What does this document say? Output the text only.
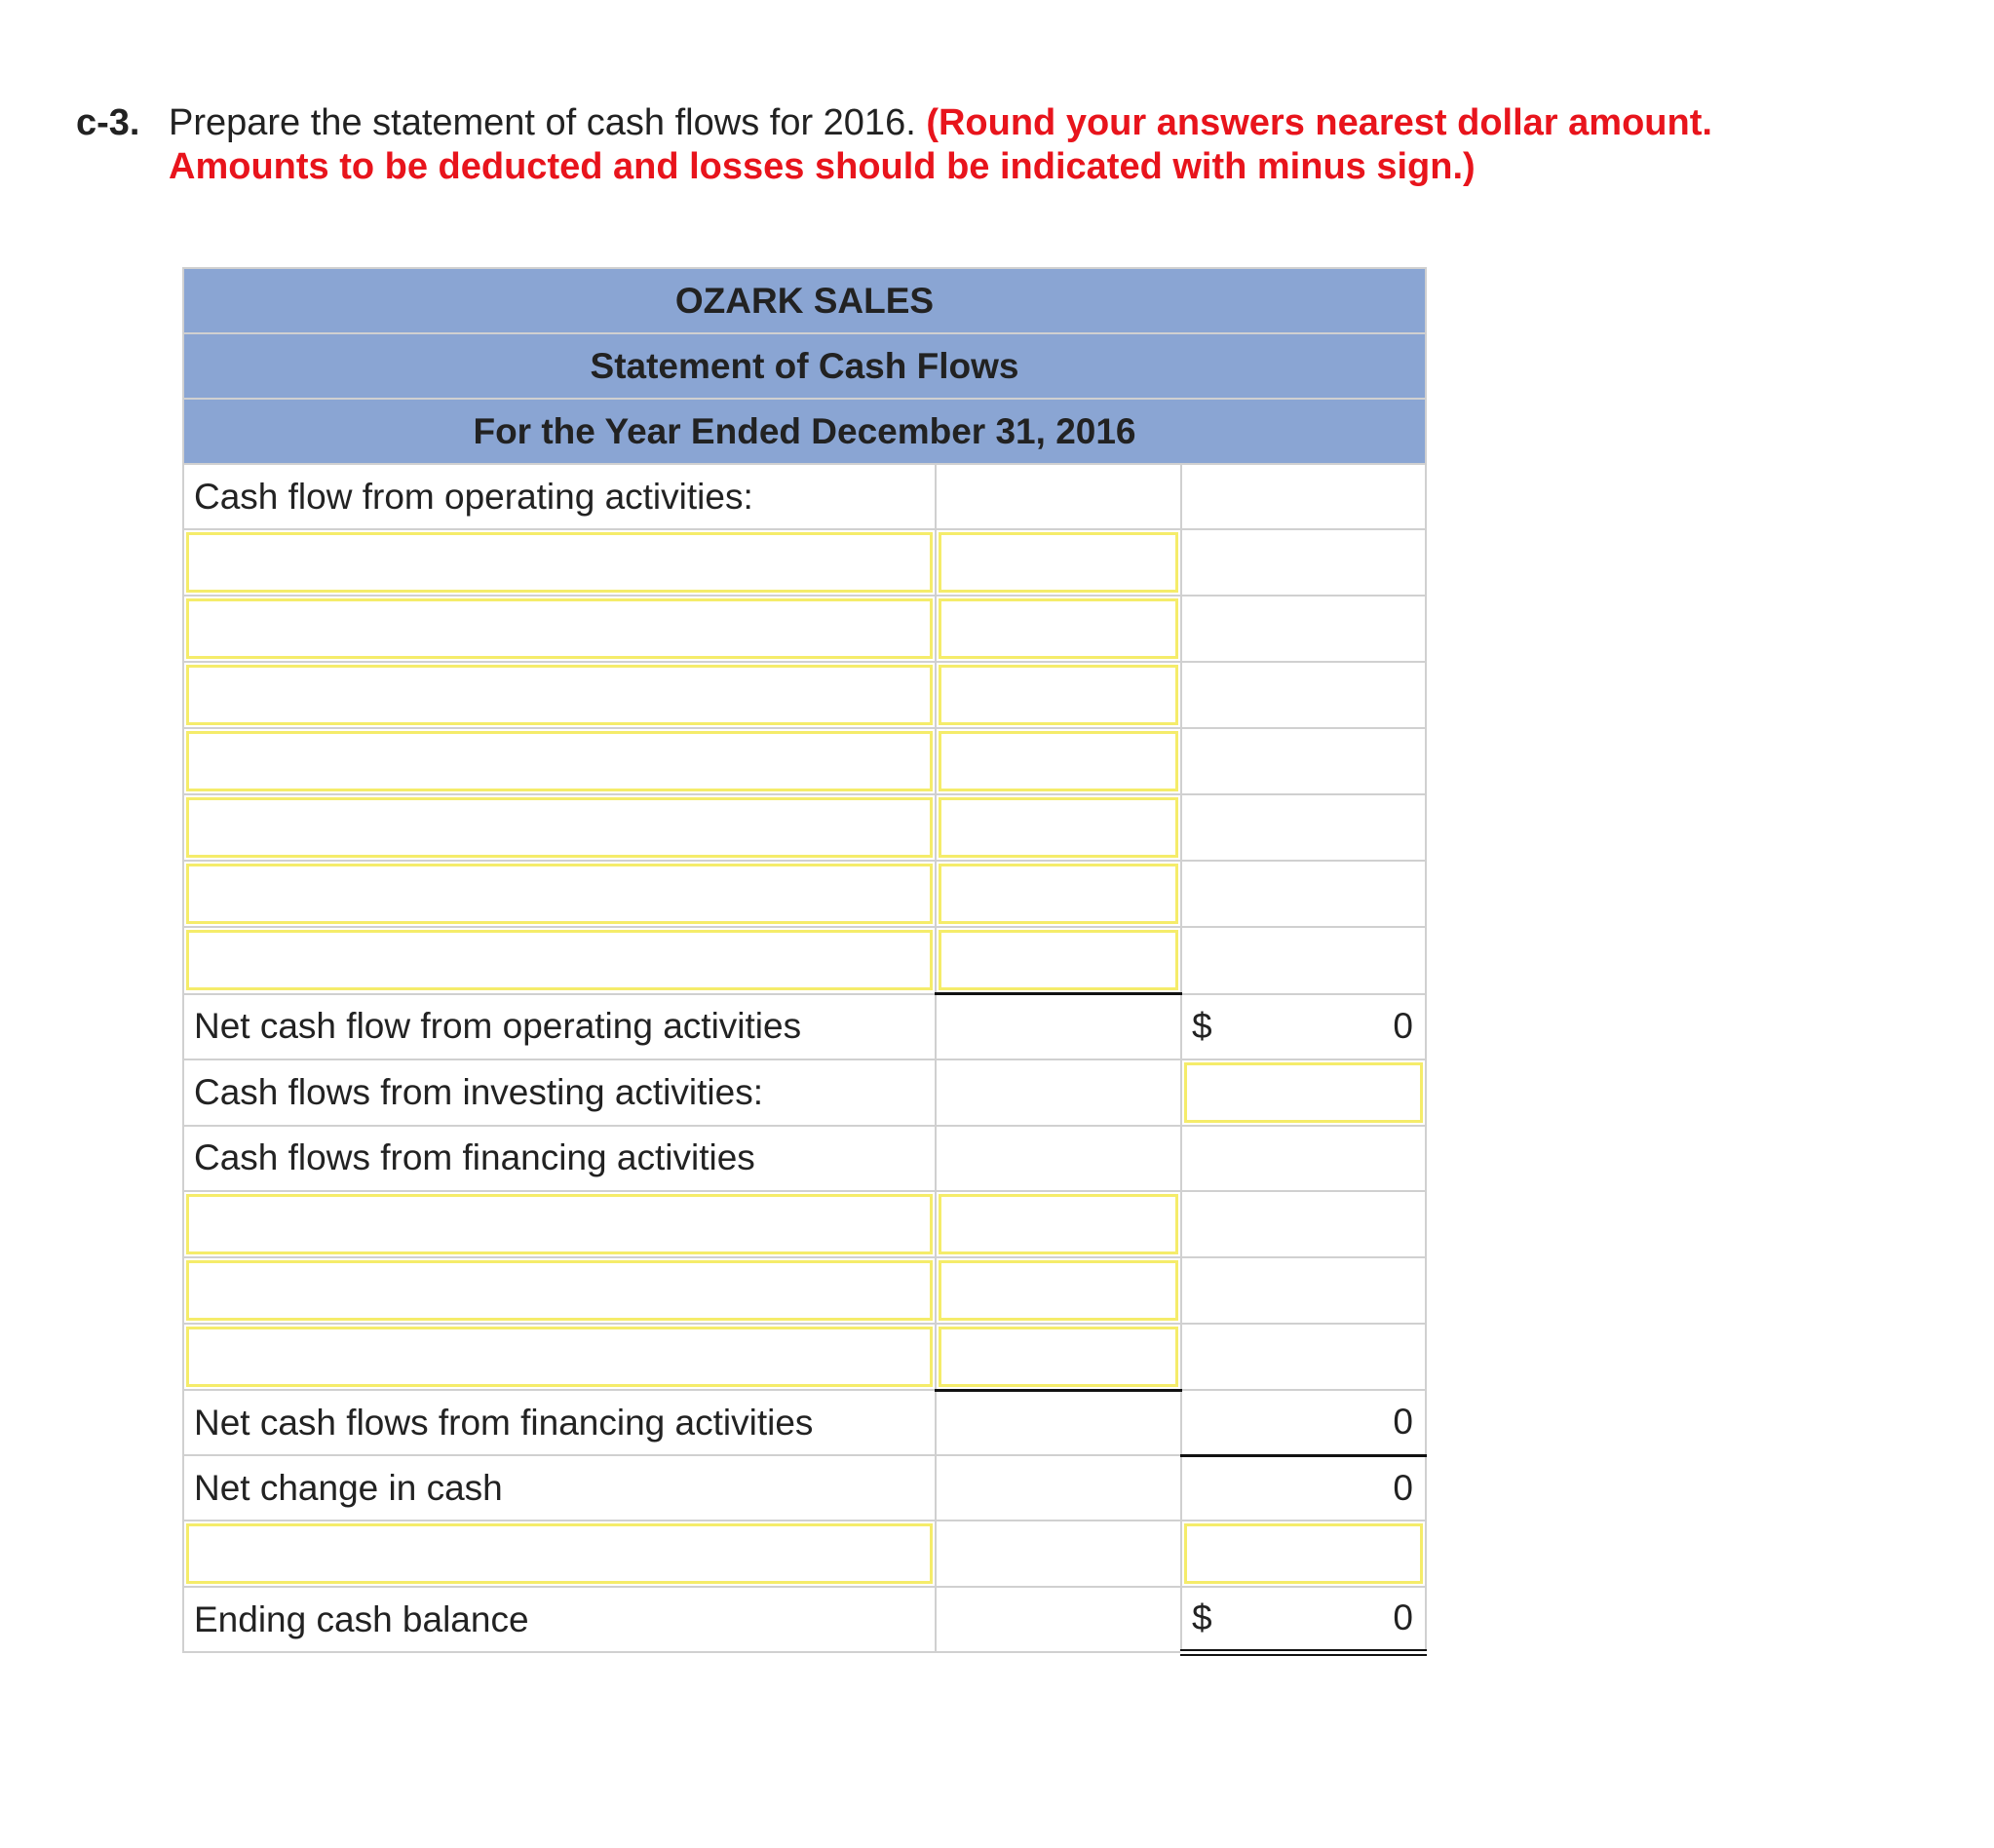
c-3. Prepare the statement of cash flows for 2016. (Round your answers nearest dollar amount.
Amounts to be deducted and losses should be indicated with minus sign.)
OZARK SALES		
Statement of Cash Flows		
For the Year Ended December 31, 2016		
Cash flow from operating activities:		

Net cash flow from operating activities		$ 0

Cash flows from investing activities:		

Cash flows from financing activities		

Net cash flows from financing activities		0
Net change in cash		0

Ending cash balance		$ 0
